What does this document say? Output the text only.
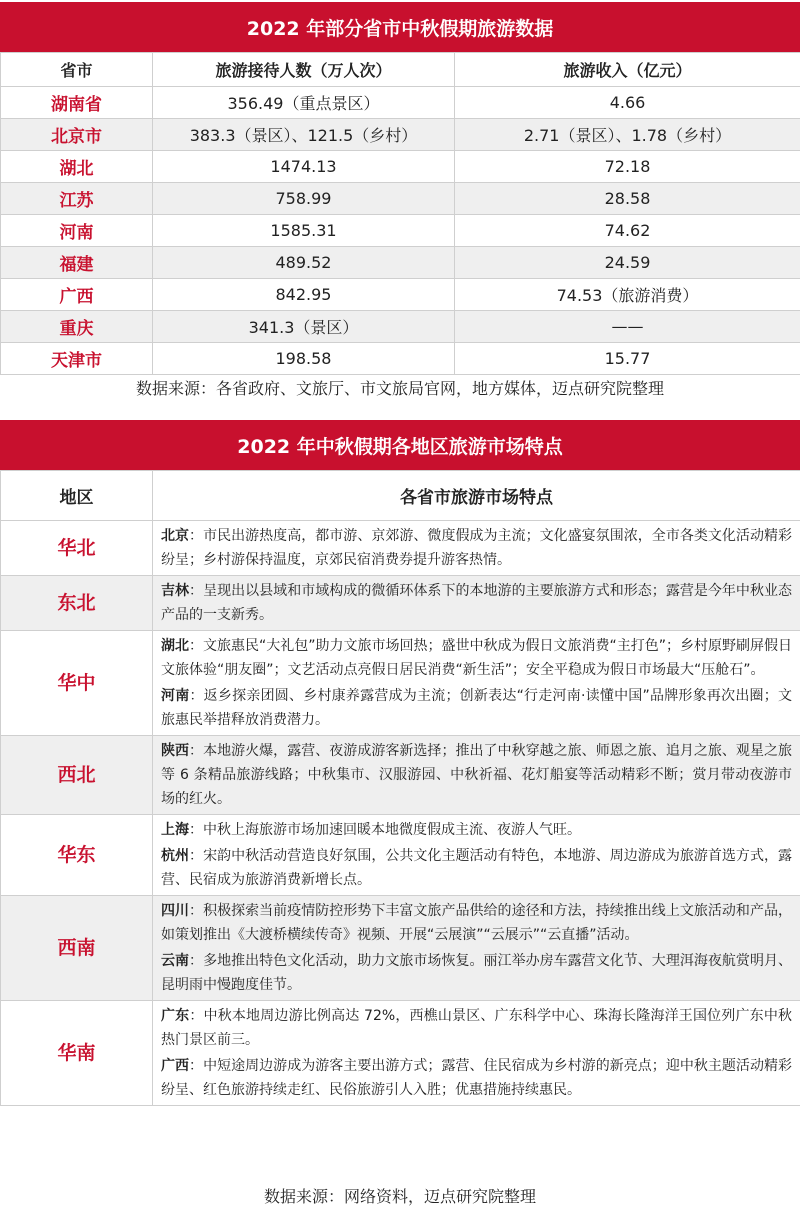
2022 年部分省市中秋假期旅游数据
省市	旅游接待人数（万人次）	旅游收入（亿元）
湖南省	356.49（重点景区）	4.66
北京市	383.3（景区）、121.5（乡村）	2.71（景区）、1.78（乡村）
湖北	1474.13	72.18
江苏	758.99	28.58
河南	1585.31	74.62
福建	489.52	24.59
广西	842.95	74.53（旅游消费）
重庆	341.3（景区）	——
天津市	198.58	15.77
数据来源：各省政府、文旅厅、市文旅局官网，地方媒体，迈点研究院整理
2022 年中秋假期各地区旅游市场特点
地区	各省市旅游市场特点
华北	北京：市民出游热度高，都市游、京郊游、微度假成为主流；文化盛宴氛围浓，全市各类文化活动精彩纷呈；乡村游保持温度，京郊民宿消费券提升游客热情。

东北	吉林：呈现出以县域和市域构成的微循环体系下的本地游的主要旅游方式和形态；露营是今年中秋业态产品的一支新秀。

华中	湖北：文旅惠民“大礼包”助力文旅市场回热；盛世中秋成为假日文旅消费“主打色”；乡村原野刷屏假日文旅体验“朋友圈”；文艺活动点亮假日居民消费“新生活”；安全平稳成为假日市场最大“压舱石”。

河南：返乡探亲团圆、乡村康养露营成为主流；创新表达“行走河南·读懂中国”品牌形象再次出圈；文旅惠民举措释放消费潜力。

西北	陕西：本地游火爆，露营、夜游成游客新选择；推出了中秋穿越之旅、师恩之旅、追月之旅、观星之旅等 6 条精品旅游线路；中秋集市、汉服游园、中秋祈福、花灯船宴等活动精彩不断；赏月带动夜游市场的红火。

华东	上海：中秋上海旅游市场加速回暖本地微度假成主流、夜游人气旺。

杭州：宋韵中秋活动营造良好氛围，公共文化主题活动有特色，本地游、周边游成为旅游首选方式，露营、民宿成为旅游消费新增长点。

西南	四川：积极探索当前疫情防控形势下丰富文旅产品供给的途径和方法，持续推出线上文旅活动和产品，如策划推出《大渡桥横续传奇》视频、开展“云展演”“云展示”“云直播”活动。

云南：多地推出特色文化活动，助力文旅市场恢复。丽江举办房车露营文化节、大理洱海夜航赏明月、昆明雨中慢跑度佳节。

华南	广东：中秋本地周边游比例高达 72%，西樵山景区、广东科学中心、珠海长隆海洋王国位列广东中秋热门景区前三。

广西：中短途周边游成为游客主要出游方式；露营、住民宿成为乡村游的新亮点；迎中秋主题活动精彩纷呈、红色旅游持续走红、民俗旅游引人入胜；优惠措施持续惠民。

数据来源：网络资料，迈点研究院整理
